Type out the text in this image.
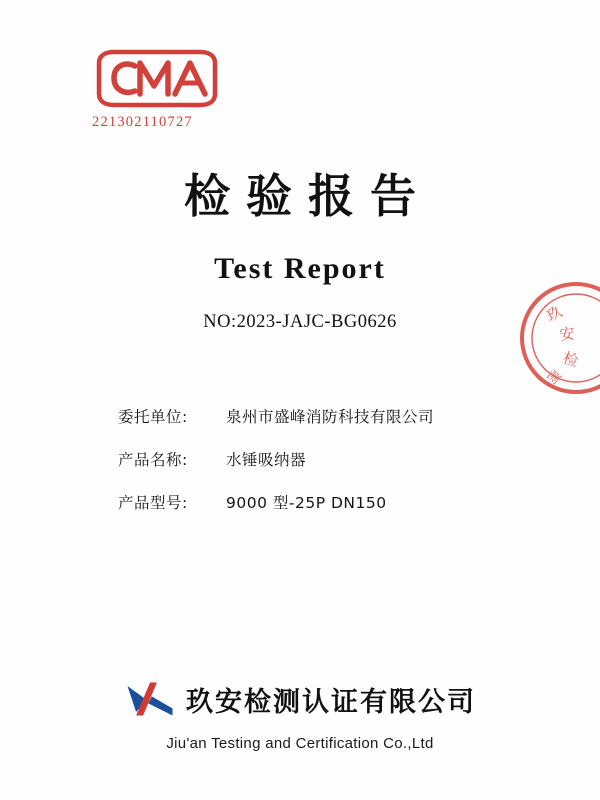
221302110727
玖
安
检
测
检验报告
Test Report
NO:2023-JAJC-BG0626
委托单位:	泉州市盛峰消防科技有限公司
产品名称:	水锤吸纳器
产品型号:	9000 型-25P DN150
玖安检测认证有限公司
Jiu'an Testing and Certification Co.,Ltd
